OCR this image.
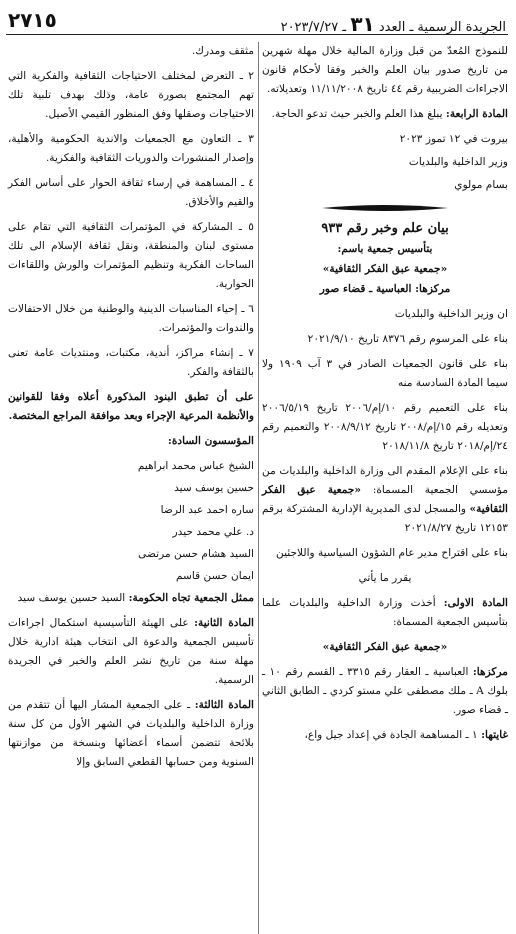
الجريدة الرسمية ـ العدد ٣١ ـ ٢٠٢٣/٧/٢٧
٢٧١٥

للنموذج المُعدّ من قبل وزارة المالية خلال مهلة شهرين من تاريخ صدور بيان العلم والخبر وفقا لأحكام قانون الاجراءات الضريبية رقم ٤٤ تاريخ ١١/١١/٢٠٠٨ وتعديلاته.

المادة الرابعة: يبلغ هذا العلم والخبر حيث تدعو الحاجة.

بيروت في ١٢ تموز ٢٠٢٣

وزير الداخلية والبلديات

بسام مولوي

بيان علم وخبر رقم ٩٣٣

بتأسيس جمعية باسم:

«جمعية عبق الفكر الثقافية»

مركزها: العباسية ـ قضاء صور

ان وزير الداخلية والبلديات

بناء على المرسوم رقم ٨٣٧٦ تاريخ ٢٠٢١/٩/١٠

بناء على قانون الجمعيات الصادر في ٣ آب ١٩٠٩ ولا سيما المادة السادسة منه

بناء على التعميم رقم ١٠/إم/٢٠٠٦ تاريخ ٢٠٠٦/٥/١٩ وتعديله رقم ١٥/إم/٢٠٠٨ تاريخ ٢٠٠٨/٩/١٢ والتعميم رقم ٢٤/إم/٢٠١٨ تاريخ ٢٠١٨/١١/٨

بناء على الإعلام المقدم الى وزارة الداخلية والبلديات من مؤسسي الجمعية المسماة: «جمعية عبق الفكر الثقافية» والمسجل لدى المديرية الإدارية المشتركة برقم ١٢١٥٣ تاريخ ٢٠٢١/٨/٢٧

بناء على اقتراح مدير عام الشؤون السياسية واللاجئين

يقرر ما يأتي

المادة الاولى: أخذت وزارة الداخلية والبلديات علما بتأسيس الجمعية المسماة:

«جمعية عبق الفكر الثقافية»

مركزها: العباسية ـ العقار رقم ٣٣١٥ ـ القسم رقم ١٠ ـ بلوك A ـ ملك مصطفى علي مستو كردي ـ الطابق الثاني ـ قضاء صور.

غايتها: ١ ـ المساهمة الجادة في إعداد جيل واع،

مثقف ومدرك.

٢ ـ التعرض لمختلف الاحتياجات الثقافية والفكرية التي تهم المجتمع بصورة عامة، وذلك بهدف تلبية تلك الاحتياجات وصقلها وفق المنظور القيمي الأصيل.

٣ ـ التعاون مع الجمعيات والاندية الحكومية والأهلية، وإصدار المنشورات والدوريات الثقافية والفكرية.

٤ ـ المساهمة في إرساء ثقافة الحوار على أساس الفكر والقيم والأخلاق.

٥ ـ المشاركة في المؤتمرات الثقافية التي تقام على مستوى لبنان والمنطقة، ونقل ثقافة الإسلام الى تلك الساحات الفكرية وتنظيم المؤتمرات والورش واللقاءات الحوارية.

٦ ـ إحياء المناسبات الدينية والوطنية من خلال الاحتفالات والندوات والمؤتمرات.

٧ ـ إنشاء مراكز، أندية، مكتبات، ومنتديات عامة تعنى بالثقافة والفكر.

على أن تطبق البنود المذكورة أعلاه وفقا للقوانين والأنظمة المرعية الإجراء وبعد موافقة المراجع المختصة.

المؤسسون السادة:

الشيخ عباس محمد ابراهيم

حسين يوسف سيد

ساره احمد عبد الرضا

د. علي محمد حيدر

السيد هشام حسن مرتضى

ايمان حسن قاسم

ممثل الجمعية تجاه الحكومة: السيد حسين يوسف سيد

المادة الثانية: على الهيئة التأسيسية استكمال اجراءات تأسيس الجمعية والدعوة الى انتخاب هيئة ادارية خلال مهلة سنة من تاريخ نشر العلم والخبر في الجريدة الرسمية.

المادة الثالثة: ـ على الجمعية المشار اليها أن تتقدم من وزارة الداخلية والبلديات في الشهر الأول من كل سنة بلائحة تتضمن أسماء أعضائها وبنسخة من موازنتها السنوية ومن حسابها القطعي السابق وإلا
